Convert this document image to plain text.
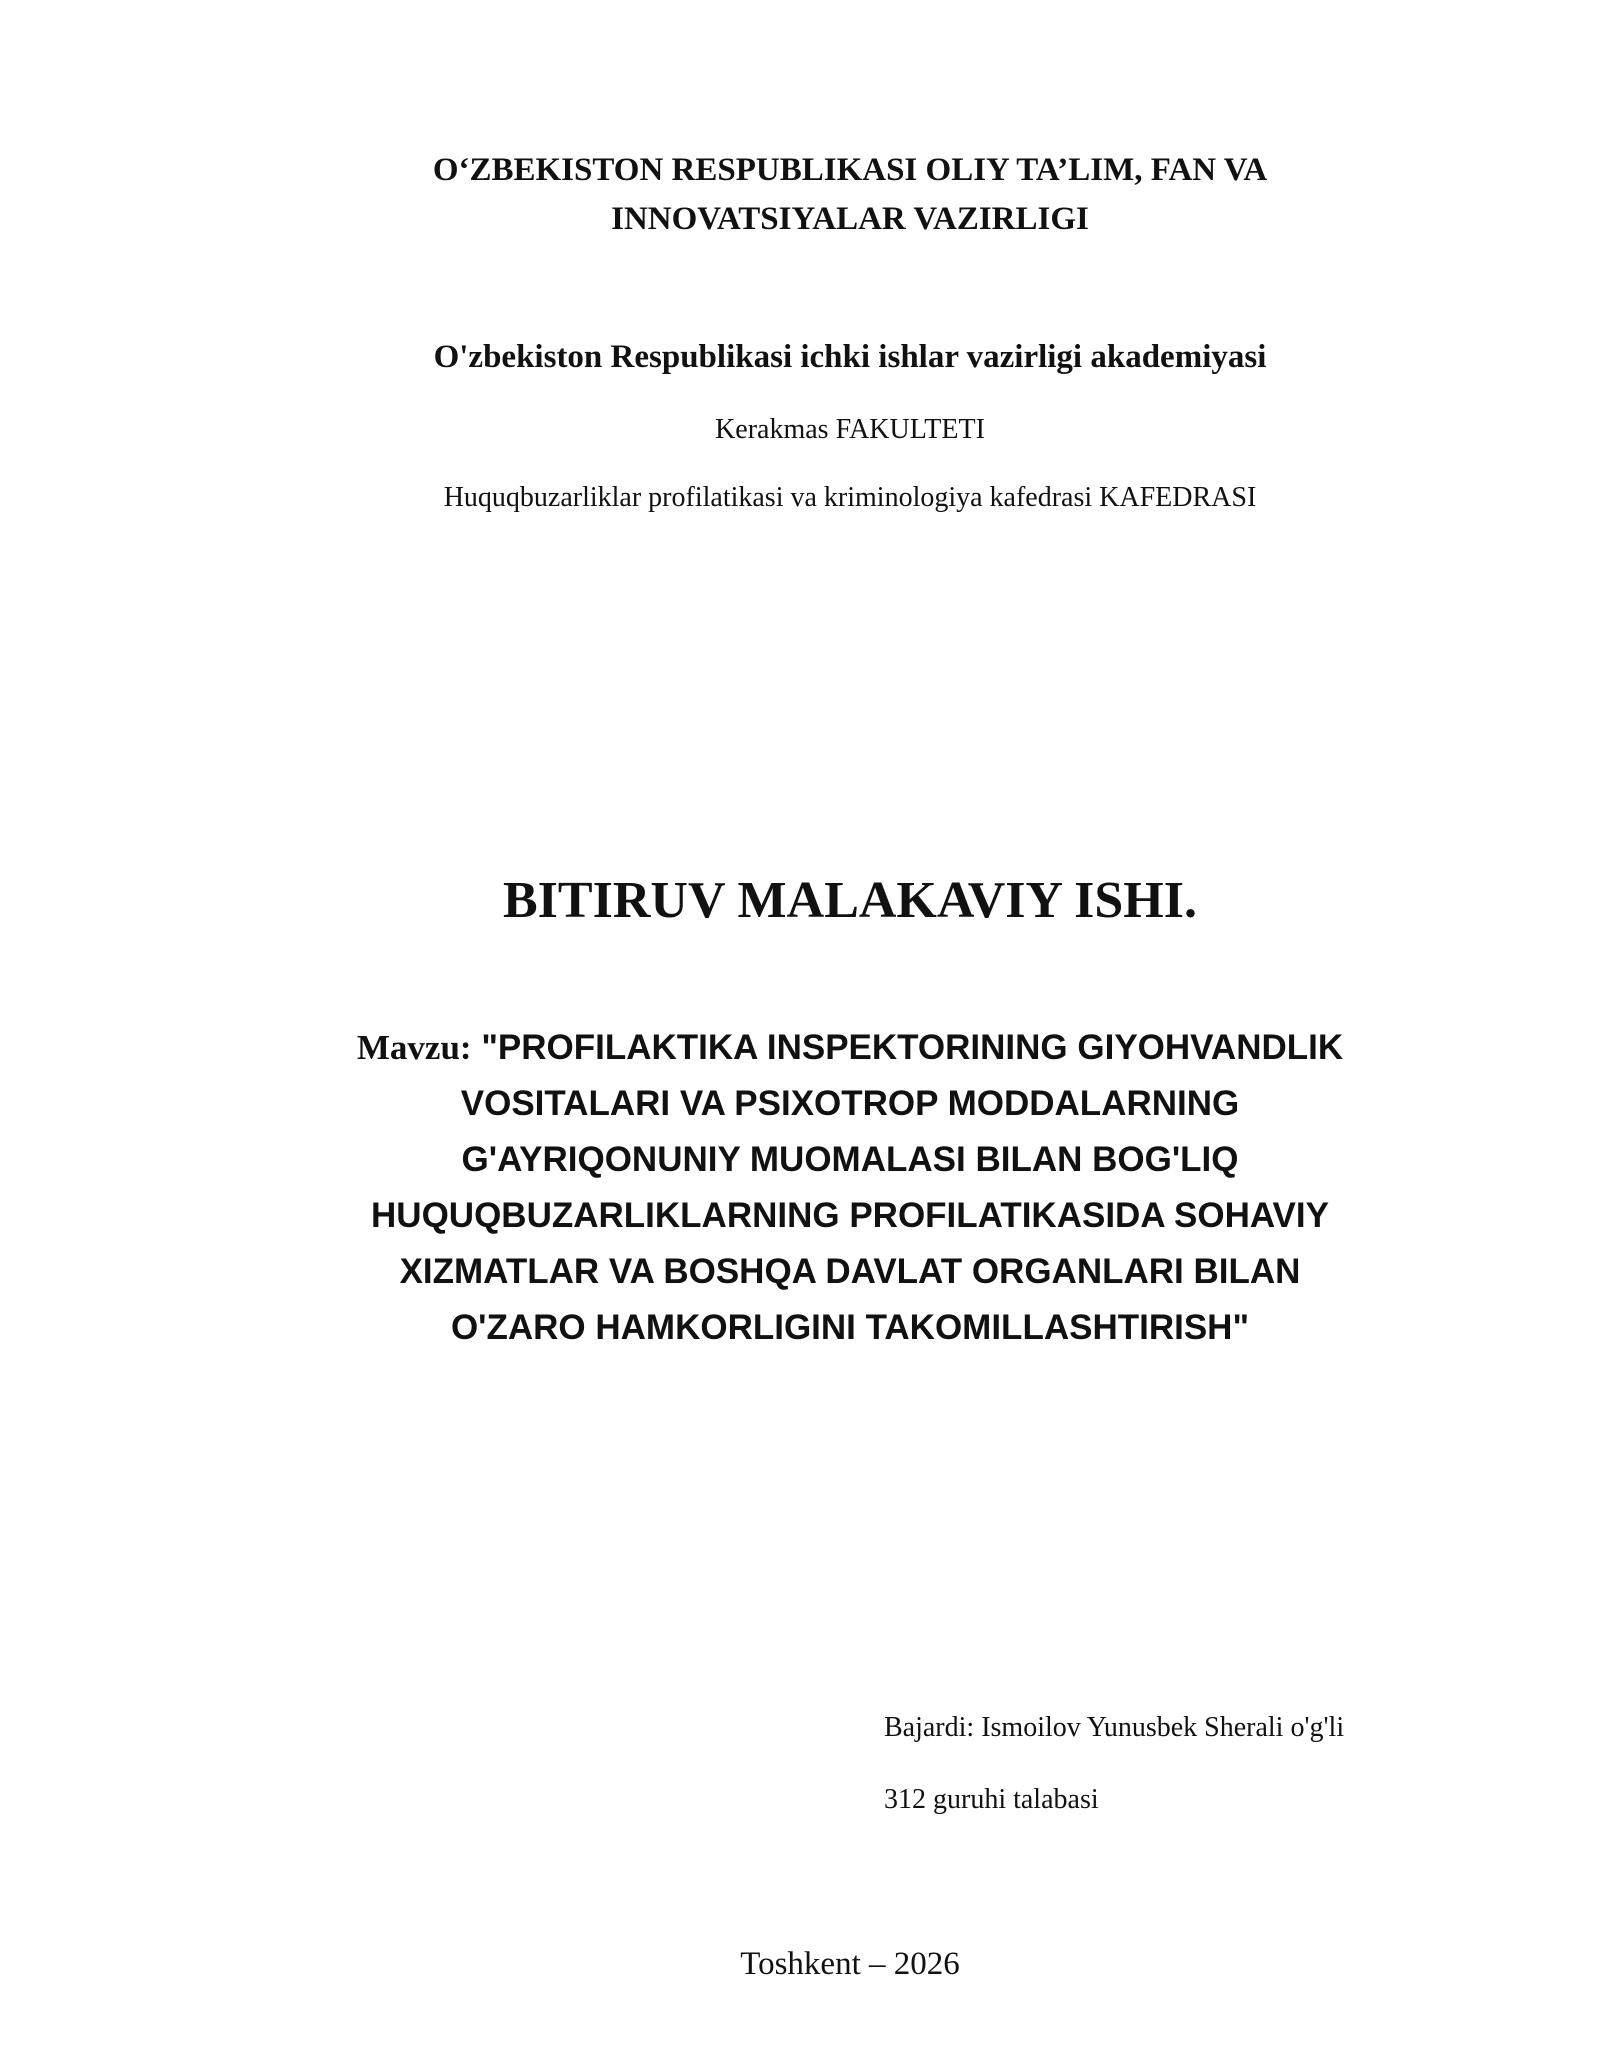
O‘ZBEKISTON RESPUBLIKASI OLIY TA’LIM, FAN VA
INNOVATSIYALAR VAZIRLIGI
O'zbekiston Respublikasi ichki ishlar vazirligi akademiyasi
Kerakmas FAKULTETI
Huquqbuzarliklar profilatikasi va kriminologiya kafedrasi KAFEDRASI
BITIRUV MALAKAVIY ISHI.
Mavzu: "PROFILAKTIKA INSPEKTORINING GIYOHVANDLIK
VOSITALARI VA PSIXOTROP MODDALARNING
G'AYRIQONUNIY MUOMALASI BILAN BOG'LIQ
HUQUQBUZARLIKLARNING PROFILATIKASIDA SOHAVIY
XIZMATLAR VA BOSHQA DAVLAT ORGANLARI BILAN
O'ZARO HAMKORLIGINI TAKOMILLASHTIRISH"
Bajardi: Ismoilov Yunusbek Sherali o'g'li
312 guruhi talabasi
Toshkent – 2026
